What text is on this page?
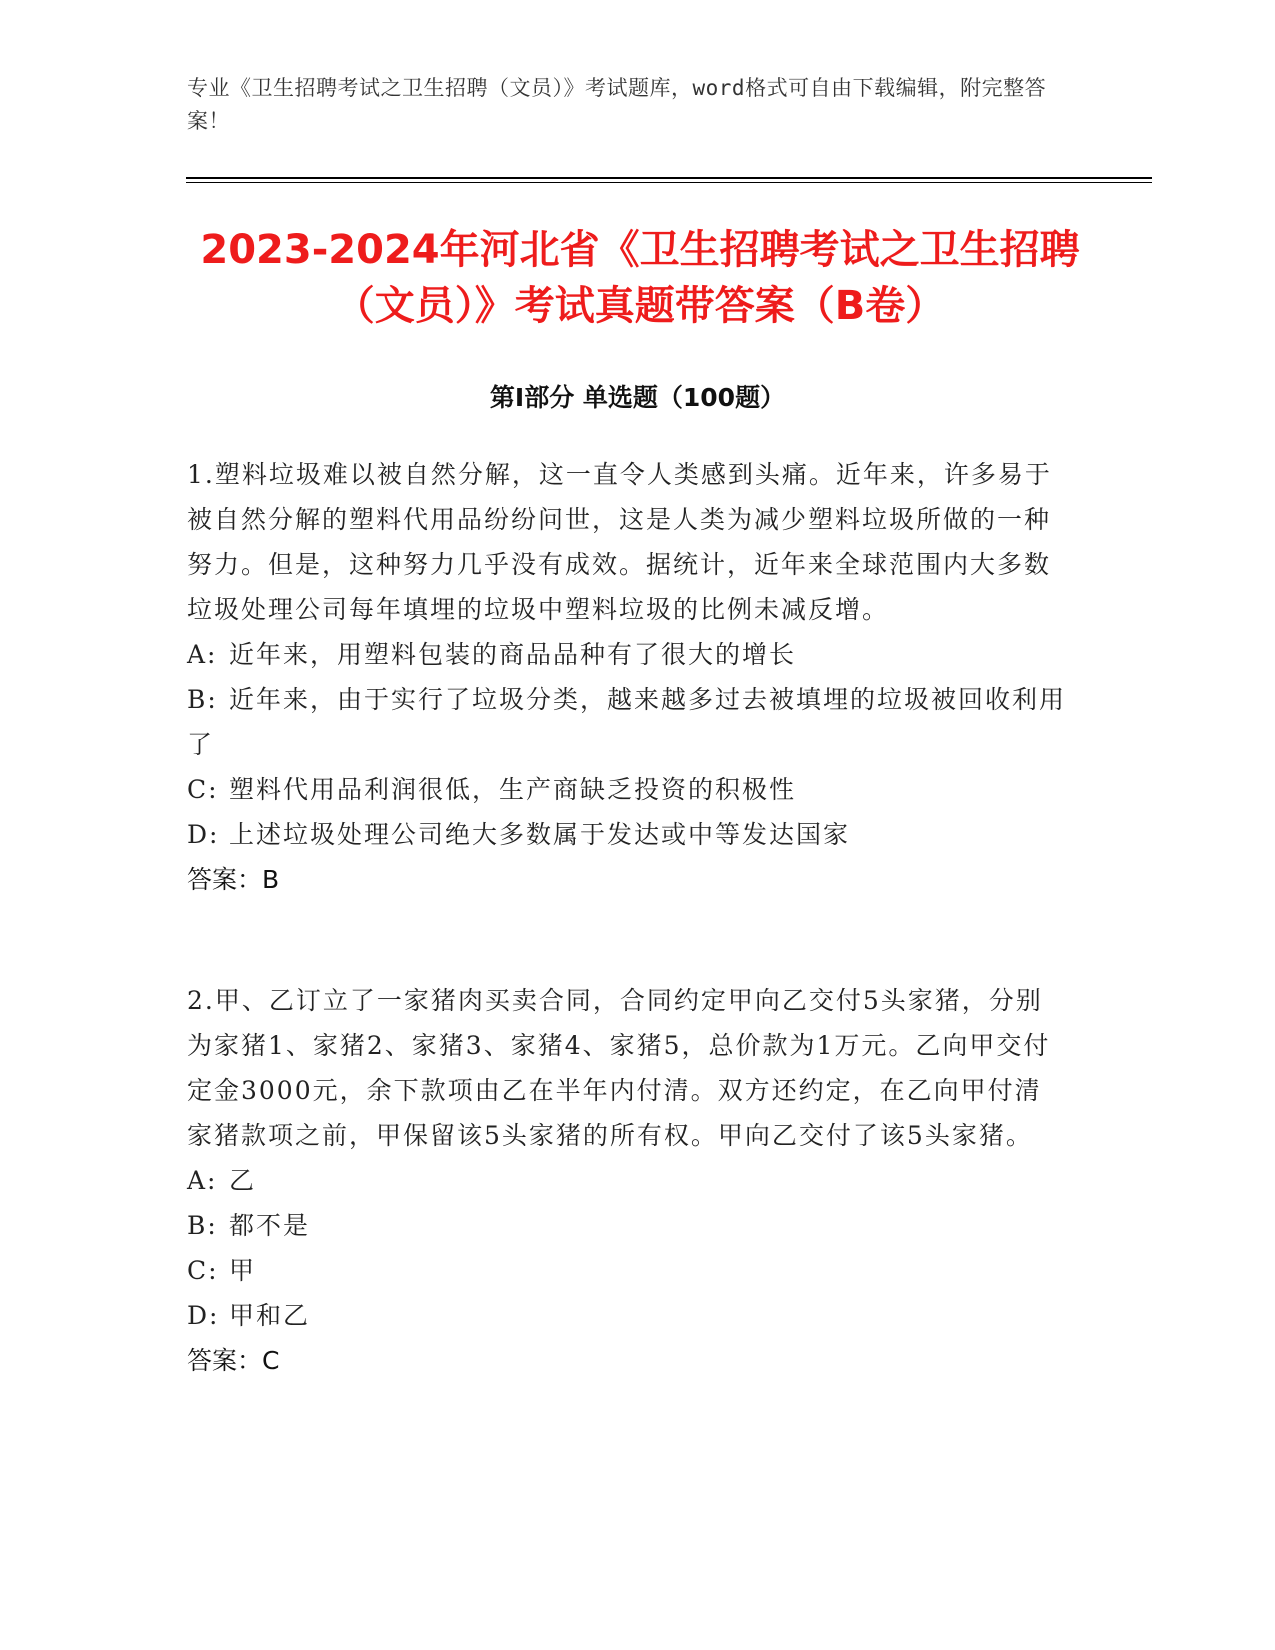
专业《卫生招聘考试之卫生招聘（文员）》考试题库，word格式可自由下载编辑，附完整答案！
2023-2024年河北省《卫生招聘考试之卫生招聘（文员）》考试真题带答案（B卷）
第Ⅰ部分 单选题（100题）

1.塑料垃圾难以被自然分解，这一直令人类感到头痛。近年来，许多易于被自然分解的塑料代用品纷纷问世，这是人类为减少塑料垃圾所做的一种努力。但是，这种努力几乎没有成效。据统计，近年来全球范围内大多数垃圾处理公司每年填埋的垃圾中塑料垃圾的比例未减反增。

A: 近年来，用塑料包装的商品品种有了很大的增长

B: 近年来，由于实行了垃圾分类，越来越多过去被填埋的垃圾被回收利用了

C: 塑料代用品利润很低，生产商缺乏投资的积极性

D: 上述垃圾处理公司绝大多数属于发达或中等发达国家

答案：B

2.甲、乙订立了一家猪肉买卖合同，合同约定甲向乙交付5头家猪，分别为家猪1、家猪2、家猪3、家猪4、家猪5，总价款为1万元。乙向甲交付定金3000元，余下款项由乙在半年内付清。双方还约定，在乙向甲付清家猪款项之前，甲保留该5头家猪的所有权。甲向乙交付了该5头家猪。

A: 乙

B: 都不是

C: 甲

D: 甲和乙

答案：C
